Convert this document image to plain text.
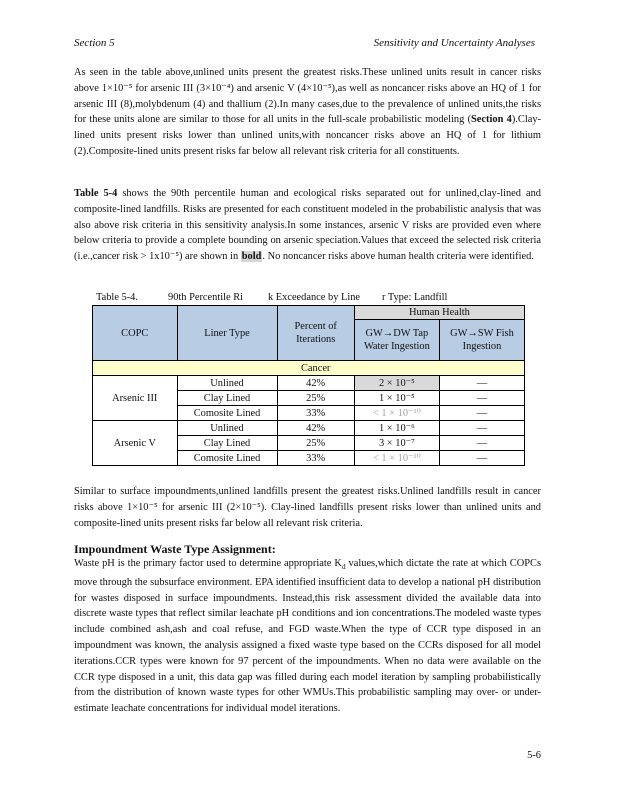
Section 5	Sensitivity and Uncertainty Analyses
As seen in the table above,unlined units present the greatest risks.These unlined units result in cancer risks above 1×10⁻⁵ for arsenic III (3×10⁻⁴) and arsenic V (4×10⁻⁵),as well as noncancer risks above an HQ of 1 for arsenic III (8),molybdenum (4) and thallium (2).In many cases,due to the prevalence of unlined units,the risks for these units alone are similar to those for all units in the full-scale probabilistic modeling (Section 4).Clay-lined units present risks lower than unlined units,with noncancer risks above an HQ of 1 for lithium (2).Composite-lined units present risks far below all relevant risk criteria for all constituents.
Table 5-4 shows the 90th percentile human and ecological risks separated out for unlined,clay-lined and composite-lined landfills. Risks are presented for each constituent modeled in the probabilistic analysis that was also above risk criteria in this sensitivity analysis.In some instances, arsenic V risks are provided even where below criteria to provide a complete bounding on arsenic speciation.Values that exceed the selected risk criteria (i.e.,cancer risk > 1x10⁻⁵) are shown in bold. No noncancer risks above human health criteria were identified.
Table 5-4.	90th Percentile Ri k Exceedance by Line r Type: Landfill
COPC	Liner Type	Percent of Iterations	Human Health	
			GW→DW Tap Water Ingestion	GW→SW Fish Ingestion
		Cancer		
Arsenic III	Unlined	42%	2 × 10⁻⁵	—
	Clay Lined	25%	1 × 10⁻⁵	—
	Comosite Lined	33%	< 1 × 10⁻¹⁰	—
Arsenic V	Unlined	42%	1 × 10⁻⁶	—
	Clay Lined	25%	3 × 10⁻⁷	—
	Comosite Lined	33%	< 1 × 10⁻¹⁰	—
Similar to surface impoundments,unlined landfills present the greatest risks.Unlined landfills result in cancer risks above 1×10⁻⁵ for arsenic III (2×10⁻⁵). Clay-lined landfills present risks lower than unlined units and composite-lined units present risks far below all relevant risk criteria.
Impoundment Waste Type Assignment:
Waste pH is the primary factor used to determine appropriate $K_d$ values,which dictate the rate at which COPCs move through the subsurface environment. EPA identified insufficient data to develop a national pH distribution for wastes disposed in surface impoundments. Instead,this risk assessment divided the available data into discrete waste types that reflect similar leachate pH conditions and ion concentrations.The modeled waste types include combined ash,ash and coal refuse, and FGD waste.When the type of CCR type disposed in an impoundment was known, the analysis assigned a fixed waste type based on the CCRs disposed for all model iterations.CCR types were known for 97 percent of the impoundments. When no data were available on the CCR type disposed in a unit, this data gap was filled during each model iteration by sampling probabilistically from the distribution of known waste types for other WMUs.This probabilistic sampling may over- or under-estimate leachate concentrations for individual model iterations.
5-6
